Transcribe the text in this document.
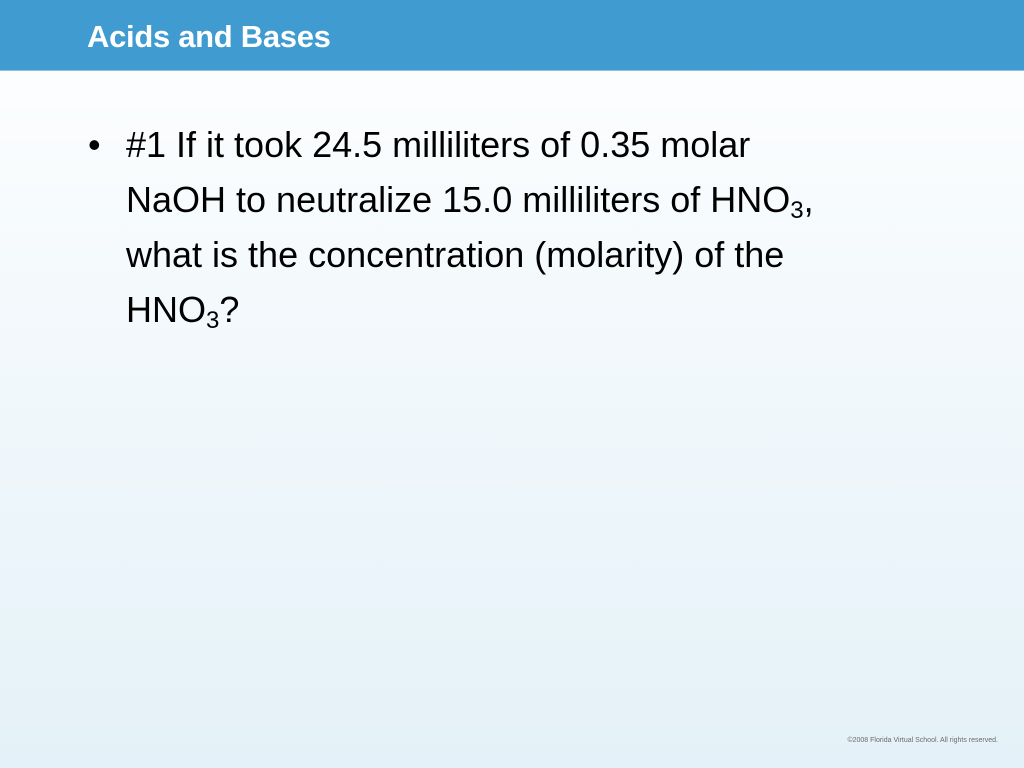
Acids and Bases
• #1 If it took 24.5 milliliters of 0.35 molar
NaOH to neutralize 15.0 milliliters of $HNO_3$,
what is the concentration (molarity) of the
$HNO_3$?
©2008 Florida Virtual School. All rights reserved.
